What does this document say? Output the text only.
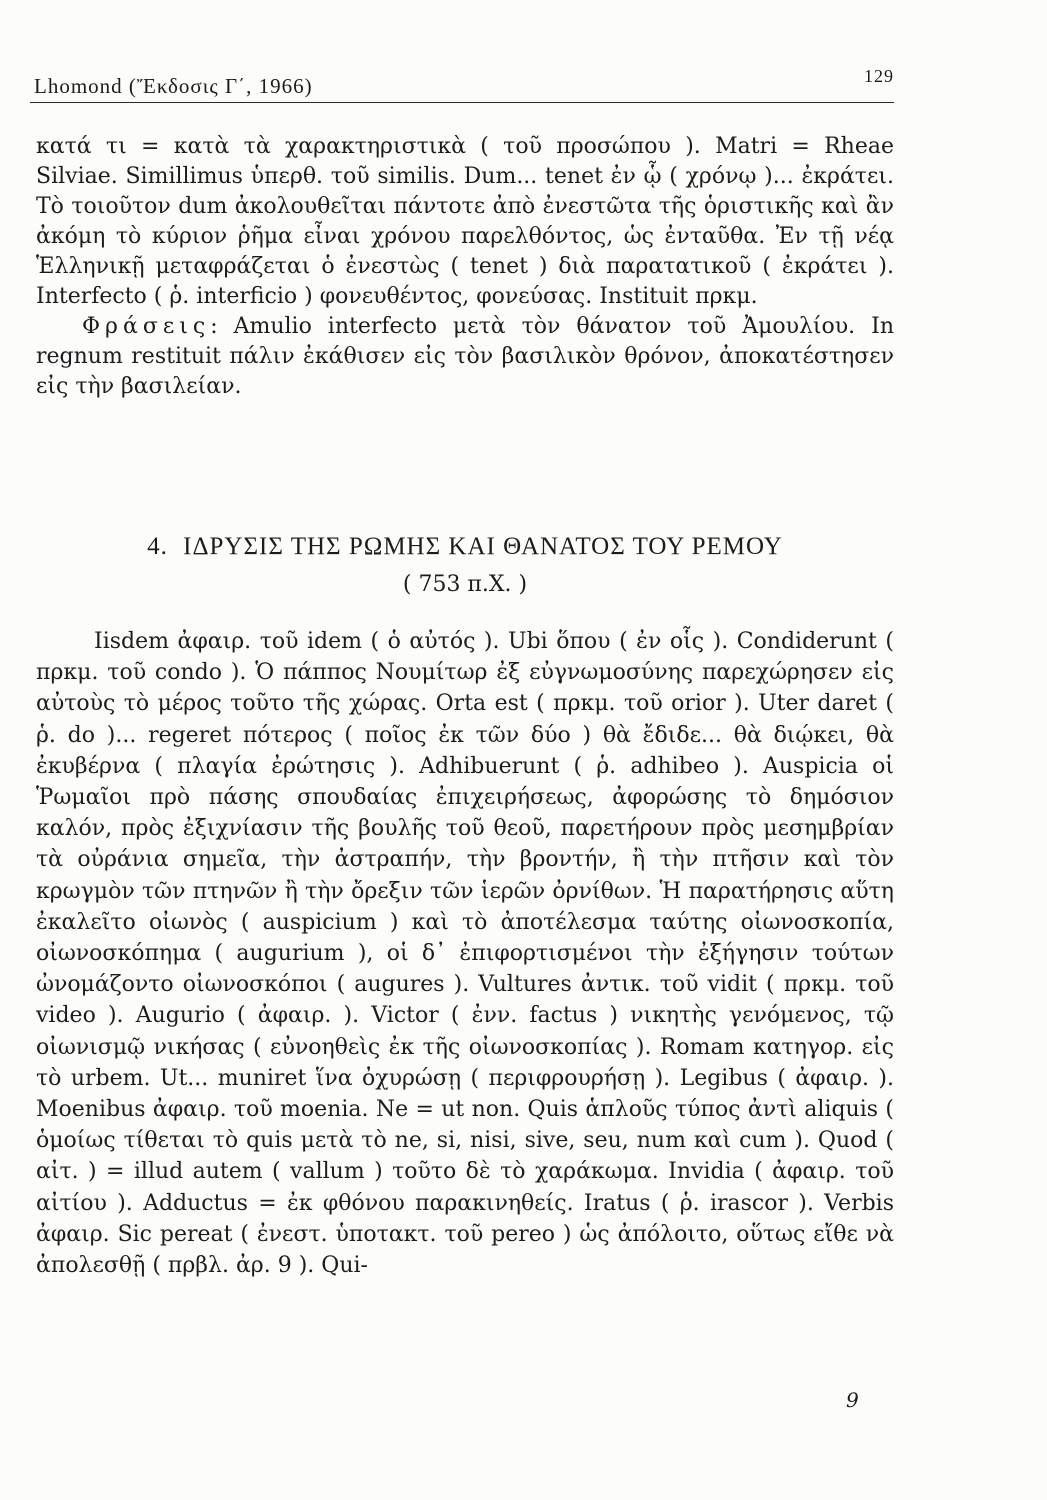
Lhomond (Ἔκδοσις Γ΄, 1966)	129

κατά τι = κατὰ τὰ χαρακτηριστικὰ ( τοῦ προσώπου ). Matri = Rheae Silviae. Simillimus ὑπερθ. τοῦ similis. Dum... tenet ἐν ᾧ ( χρόνῳ )... ἐκράτει. Τὸ τοιοῦτον dum ἀκολουθεῖται πάντοτε ἀπὸ ἐνεστῶτα τῆς ὁριστικῆς καὶ ἂν ἀκόμη τὸ κύριον ῥῆμα εἶναι χρόνου παρελθόντος, ὡς ἐνταῦθα. Ἐν τῇ νέᾳ Ἑλληνικῇ μεταφράζεται ὁ ἐνεστὼς ( tenet ) διὰ παρατατικοῦ ( ἐκράτει ). Interfecto ( ῥ. interficio ) φονευθέντος, φονεύσας. Instituit πρκμ.

Φράσεις: Amulio interfecto μετὰ τὸν θάνατον τοῦ Ἀμουλίου. In regnum restituit πάλιν ἐκάθισεν εἰς τὸν βασιλικὸν θρόνον, ἀποκατέστησεν εἰς τὴν βασιλείαν.

4. ΙΔΡΥΣΙΣ ΤΗΣ ΡΩΜΗΣ ΚΑΙ ΘΑΝΑΤΟΣ ΤΟΥ ΡΕΜΟΥ
( 753 π.Χ. )

Iisdem ἀφαιρ. τοῦ idem ( ὁ αὐτός ). Ubi ὅπου ( ἐν οἷς ). Condiderunt ( πρκμ. τοῦ condo ). Ὁ πάππος Νουμίτωρ ἐξ εὐγνωμοσύνης παρεχώρησεν εἰς αὐτοὺς τὸ μέρος τοῦτο τῆς χώρας. Orta est ( πρκμ. τοῦ orior ). Uter daret ( ῥ. do )... regeret πότερος ( ποῖος ἐκ τῶν δύο ) θὰ ἔδιδε... θὰ διῴκει, θὰ ἐκυβέρνα ( πλαγία ἐρώτησις ). Adhibuerunt ( ῥ. adhibeo ). Auspicia οἱ Ῥωμαῖοι πρὸ πάσης σπουδαίας ἐπιχειρήσεως, ἀφορώσης τὸ δημόσιον καλόν, πρὸς ἐξιχνίασιν τῆς βουλῆς τοῦ θεοῦ, παρετήρουν πρὸς μεσημβρίαν τὰ οὐράνια σημεῖα, τὴν ἀστραπήν, τὴν βροντήν, ἢ τὴν πτῆσιν καὶ τὸν κρωγμὸν τῶν πτηνῶν ἢ τὴν ὄρεξιν τῶν ἱερῶν ὀρνίθων. Ἡ παρατήρησις αὕτη ἐκαλεῖτο οἰωνὸς ( auspicium ) καὶ τὸ ἀποτέλεσμα ταύτης οἰωνοσκοπία, οἰωνοσκόπημα ( augurium ), οἱ δ᾿ ἐπιφορτισμένοι τὴν ἐξήγησιν τούτων ὠνομάζοντο οἰωνοσκόποι ( augures ). Vultures ἀντικ. τοῦ vidit ( πρκμ. τοῦ video ). Augurio ( ἀφαιρ. ). Victor ( ἐνν. factus ) νικητὴς γενόμενος, τῷ οἰωνισμῷ νικήσας ( εὐνοηθεὶς ἐκ τῆς οἰωνοσκοπίας ). Romam κατηγορ. εἰς τὸ urbem. Ut... muniret ἵνα ὀχυρώσῃ ( περιφρουρήσῃ ). Legibus ( ἀφαιρ. ). Moenibus ἀφαιρ. τοῦ moenia. Ne = ut non. Quis ἁπλοῦς τύπος ἀντὶ aliquis ( ὁμοίως τίθεται τὸ quis μετὰ τὸ ne, si, nisi, sive, seu, num καὶ cum ). Quod ( αἰτ. ) = illud autem ( vallum ) τοῦτο δὲ τὸ χαράκωμα. Invidia ( ἀφαιρ. τοῦ αἰτίου ). Adductus = ἐκ φθόνου παρακινηθείς. Iratus ( ῥ. irascor ). Verbis ἀφαιρ. Sic pereat ( ἐνεστ. ὑποτακτ. τοῦ pereo ) ὡς ἀπόλοιτο, οὕτως εἴθε νὰ ἀπολεσθῇ ( πρβλ. ἀρ. 9 ). Qui-

9
